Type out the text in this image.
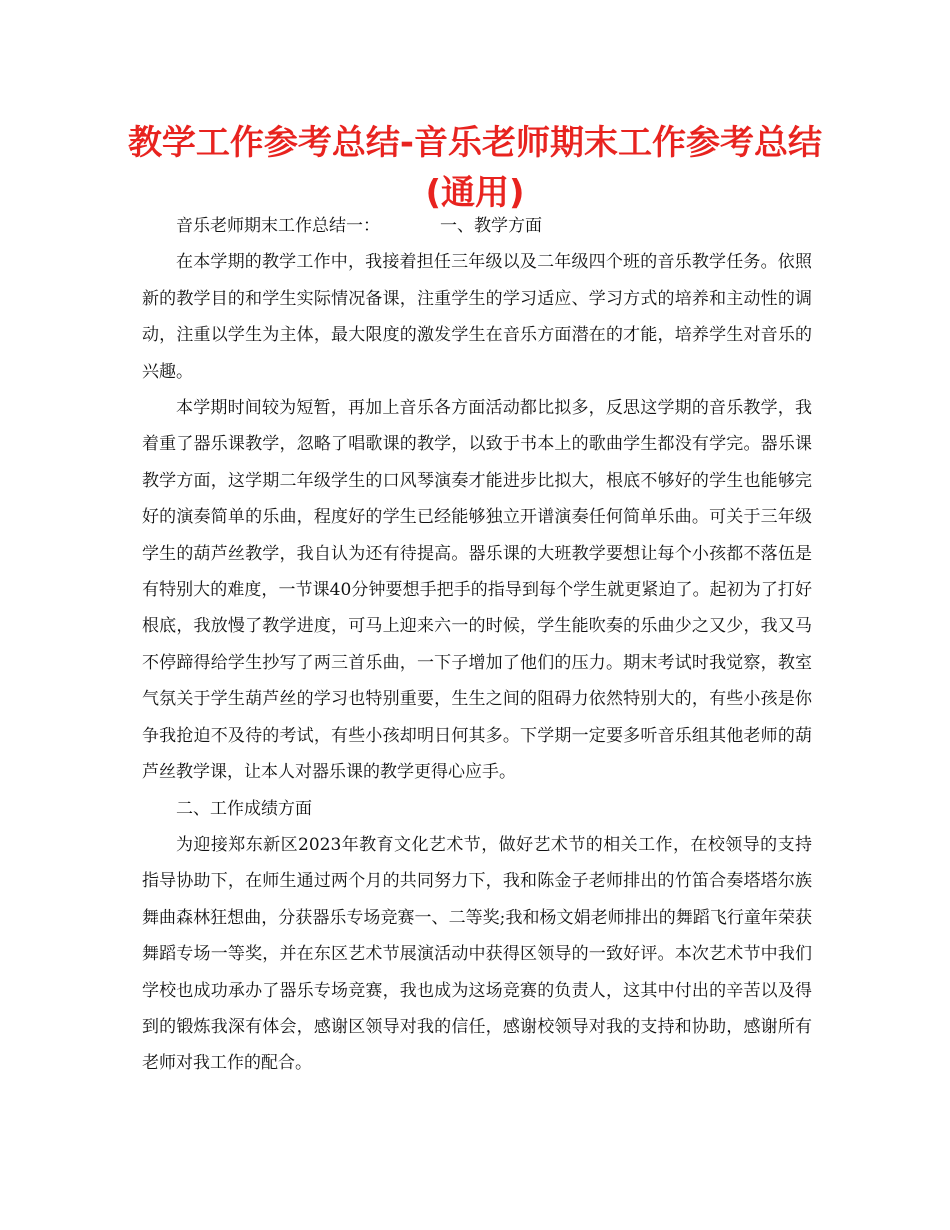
教学工作参考总结-音乐老师期末工作参考总结
(通用)

音乐老师期末工作总结一：	一、教学方面

在本学期的教学工作中，我接着担任三年级以及二年级四个班的音乐教学任务。依照新的教学目的和学生实际情况备课，注重学生的学习适应、学习方式的培养和主动性的调动，注重以学生为主体，最大限度的激发学生在音乐方面潜在的才能，培养学生对音乐的兴趣。

本学期时间较为短暂，再加上音乐各方面活动都比拟多，反思这学期的音乐教学，我着重了器乐课教学，忽略了唱歌课的教学，以致于书本上的歌曲学生都没有学完。器乐课教学方面，这学期二年级学生的口风琴演奏才能进步比拟大，根底不够好的学生也能够完好的演奏简单的乐曲，程度好的学生已经能够独立开谱演奏任何简单乐曲。可关于三年级学生的葫芦丝教学，我自认为还有待提高。器乐课的大班教学要想让每个小孩都不落伍是有特别大的难度，一节课40分钟要想手把手的指导到每个学生就更紧迫了。起初为了打好根底，我放慢了教学进度，可马上迎来六一的时候，学生能吹奏的乐曲少之又少，我又马不停蹄得给学生抄写了两三首乐曲，一下子增加了他们的压力。期末考试时我觉察，教室气氛关于学生葫芦丝的学习也特别重要，生生之间的阻碍力依然特别大的，有些小孩是你争我抢迫不及待的考试，有些小孩却明日何其多。下学期一定要多听音乐组其他老师的葫芦丝教学课，让本人对器乐课的教学更得心应手。

二、工作成绩方面

为迎接郑东新区2023年教育文化艺术节，做好艺术节的相关工作，在校领导的支持指导协助下，在师生通过两个月的共同努力下，我和陈金子老师排出的竹笛合奏塔塔尔族舞曲森林狂想曲，分获器乐专场竞赛一、二等奖;我和杨文娟老师排出的舞蹈飞行童年荣获舞蹈专场一等奖，并在东区艺术节展演活动中获得区领导的一致好评。本次艺术节中我们学校也成功承办了器乐专场竞赛，我也成为这场竞赛的负责人，这其中付出的辛苦以及得到的锻炼我深有体会，感谢区领导对我的信任，感谢校领导对我的支持和协助，感谢所有老师对我工作的配合。
